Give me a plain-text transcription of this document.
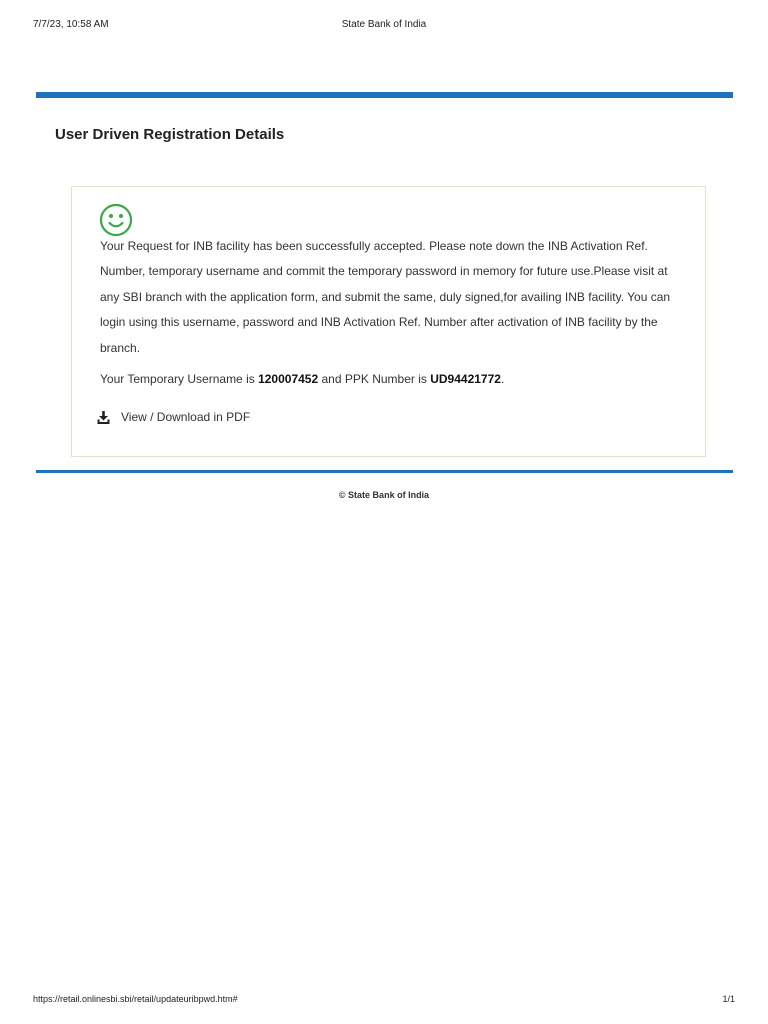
7/7/23, 10:58 AM	State Bank of India
User Driven Registration Details
Your Request for INB facility has been successfully accepted. Please note down the INB Activation Ref. Number, temporary username and commit the temporary password in memory for future use.Please visit at any SBI branch with the application form, and submit the same, duly signed,for availing INB facility. You can login using this username, password and INB Activation Ref. Number after activation of INB facility by the branch.
Your Temporary Username is 120007452 and PPK Number is UD94421772.
View / Download in PDF
© State Bank of India
https://retail.onlinesbi.sbi/retail/updateuribpwd.htm#	1/1
